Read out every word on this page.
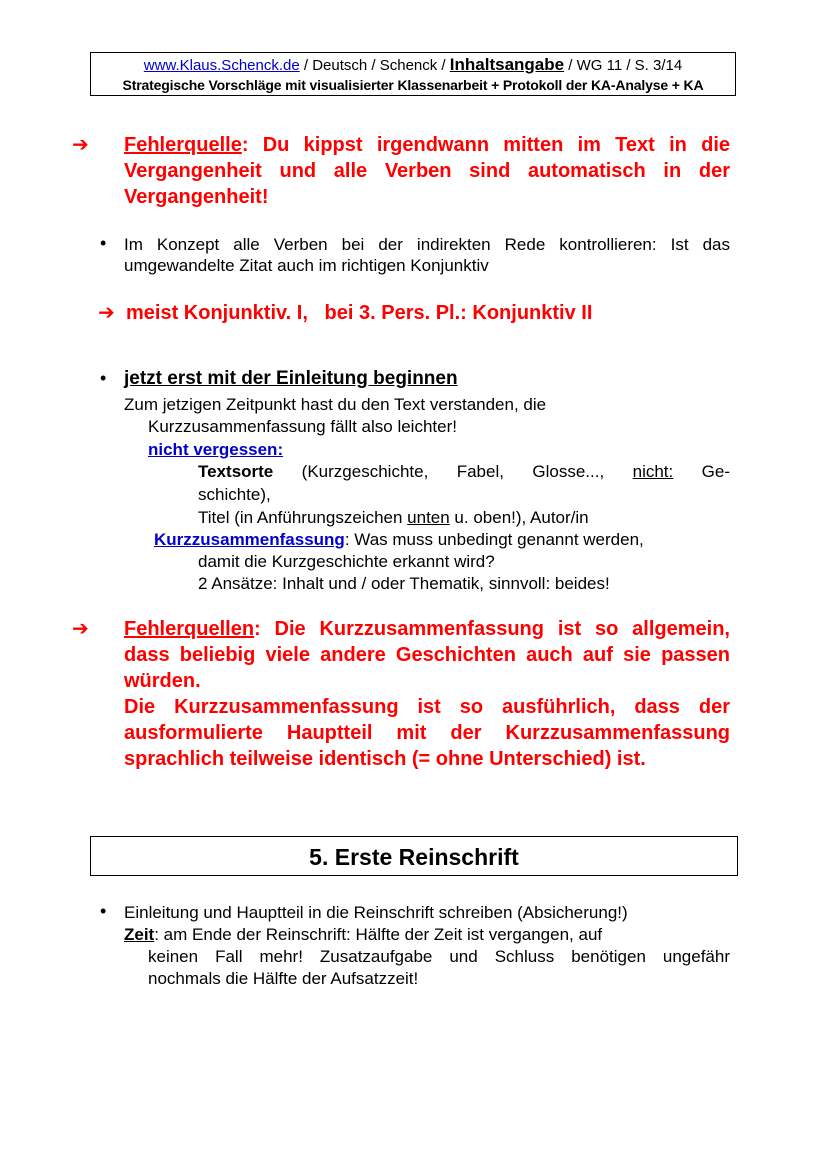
www.Klaus.Schenck.de / Deutsch / Schenck / Inhaltsangabe / WG 11 / S. 3/14
Strategische Vorschläge mit visualisierter Klassenarbeit + Protokoll der KA-Analyse + KA
➔ Fehlerquelle: Du kippst irgendwann mitten im Text in die Vergangenheit und alle Verben sind automatisch in der Vergangenheit!
• Im Konzept alle Verben bei der indirekten Rede kontrollieren: Ist das umgewandelte Zitat auch im richtigen Konjunktiv
➔ meist Konjunktiv. I,   bei 3. Pers. Pl.: Konjunktiv II
• jetzt erst mit der Einleitung beginnen
Zum jetzigen Zeitpunkt hast du den Text verstanden, die
Kurzzusammenfassung fällt also leichter!
nicht vergessen:
Textsorte (Kurzgeschichte, Fabel, Glosse..., nicht: Ge-
schichte),
Titel (in Anführungszeichen unten u. oben!), Autor/in
Kurzzusammenfassung: Was muss unbedingt genannt werden,
damit die Kurzgeschichte erkannt wird?
2 Ansätze: Inhalt und / oder Thematik, sinnvoll: beides!
➔ Fehlerquellen: Die Kurzzusammenfassung ist so allgemein, dass beliebig viele andere Geschichten auch auf sie passen würden.
Die Kurzzusammenfassung ist so ausführlich, dass der ausformulierte Hauptteil mit der Kurzzusammenfassung sprachlich teilweise identisch (= ohne Unterschied) ist.
5. Erste Reinschrift
• Einleitung und Hauptteil in die Reinschrift schreiben (Absicherung!)
Zeit: am Ende der Reinschrift: Hälfte der Zeit ist vergangen, auf
keinen Fall mehr! Zusatzaufgabe und Schluss benötigen ungefähr
nochmals die Hälfte der Aufsatzzeit!
